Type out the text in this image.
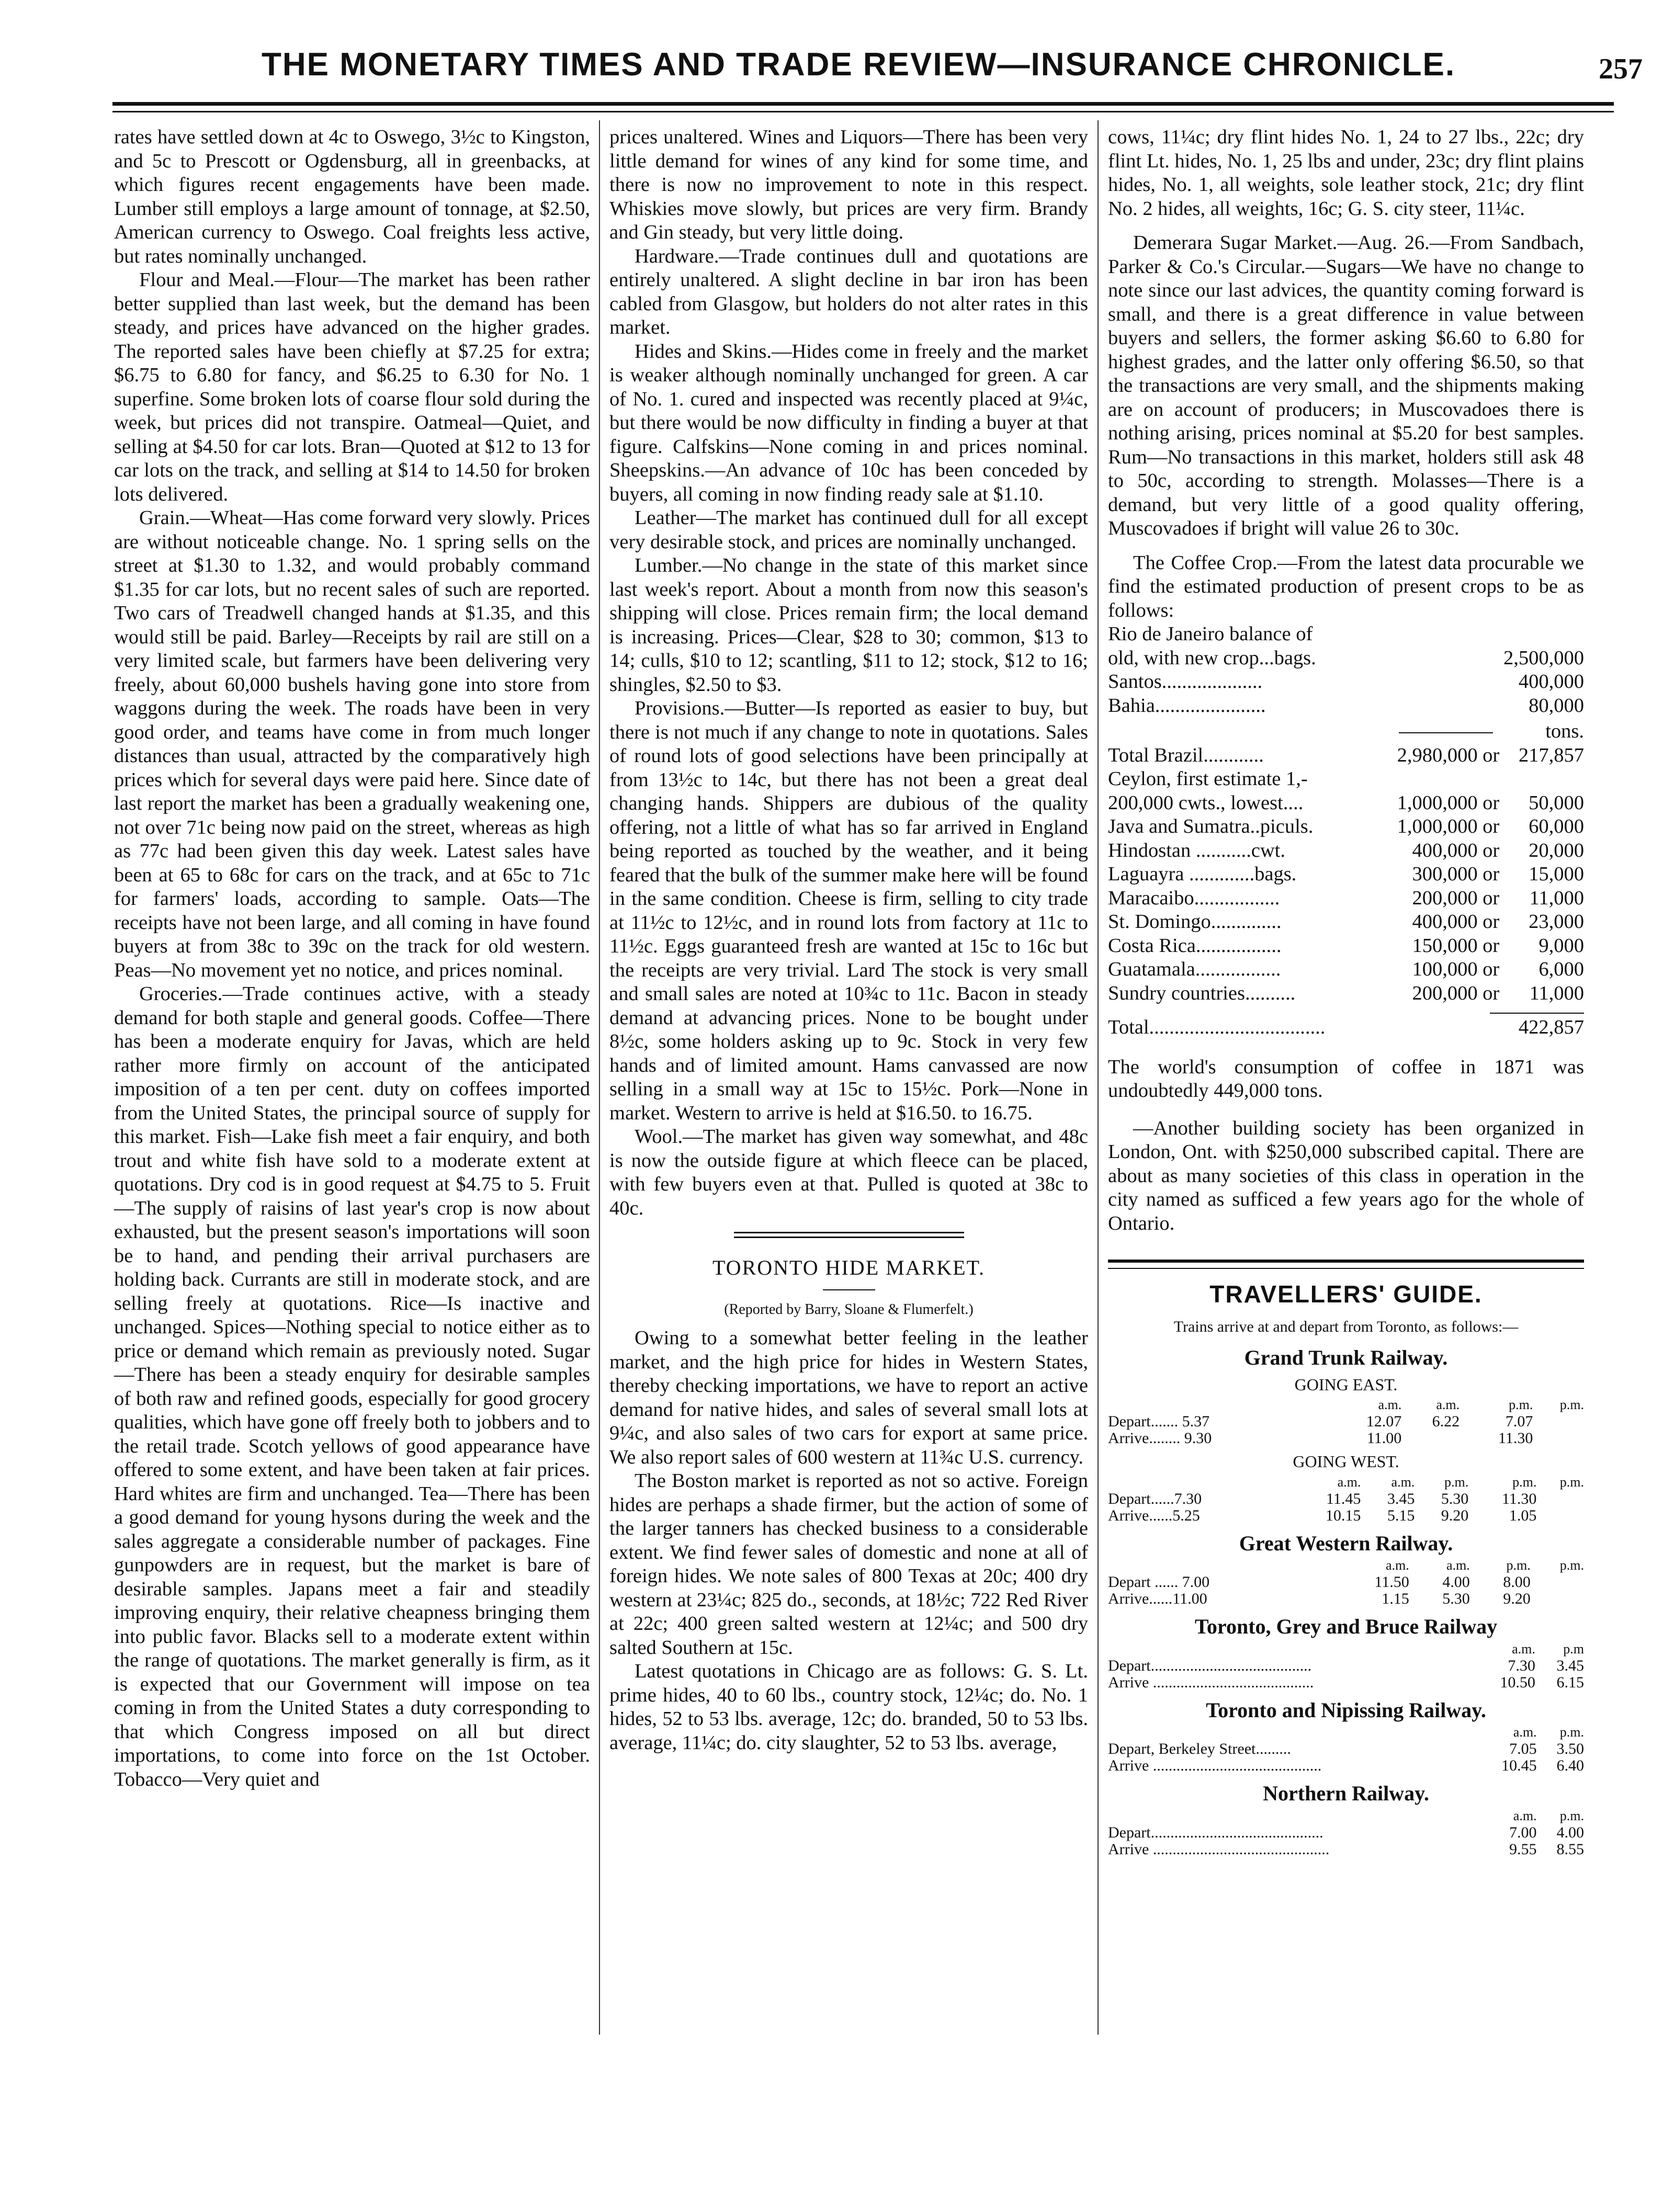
THE MONETARY TIMES AND TRADE REVIEW—INSURANCE CHRONICLE.	257

rates have settled down at 4c to Oswego, 3½c to Kingston, and 5c to Prescott or Ogdensburg, all in greenbacks, at which figures recent engagements have been made. Lumber still employs a large amount of tonnage, at $2.50, American currency to Oswego. Coal freights less active, but rates nominally unchanged.

Flour and Meal.—Flour—The market has been rather better supplied than last week, but the demand has been steady, and prices have advanced on the higher grades. The reported sales have been chiefly at $7.25 for extra; $6.75 to 6.80 for fancy, and $6.25 to 6.30 for No. 1 superfine. Some broken lots of coarse flour sold during the week, but prices did not transpire. Oatmeal—Quiet, and selling at $4.50 for car lots. Bran—Quoted at $12 to 13 for car lots on the track, and selling at $14 to 14.50 for broken lots delivered.

Grain.—Wheat—Has come forward very slowly. Prices are without noticeable change. No. 1 spring sells on the street at $1.30 to 1.32, and would probably command $1.35 for car lots, but no recent sales of such are reported. Two cars of Treadwell changed hands at $1.35, and this would still be paid. Barley—Receipts by rail are still on a very limited scale, but farmers have been delivering very freely, about 60,000 bushels having gone into store from waggons during the week. The roads have been in very good order, and teams have come in from much longer distances than usual, attracted by the comparatively high prices which for several days were paid here. Since date of last report the market has been a gradually weakening one, not over 71c being now paid on the street, whereas as high as 77c had been given this day week. Latest sales have been at 65 to 68c for cars on the track, and at 65c to 71c for farmers' loads, according to sample. Oats—The receipts have not been large, and all coming in have found buyers at from 38c to 39c on the track for old western. Peas—No movement yet no notice, and prices nominal.

Groceries.—Trade continues active, with a steady demand for both staple and general goods. Coffee—There has been a moderate enquiry for Javas, which are held rather more firmly on account of the anticipated imposition of a ten per cent. duty on coffees imported from the United States, the principal source of supply for this market. Fish—Lake fish meet a fair enquiry, and both trout and white fish have sold to a moderate extent at quotations. Dry cod is in good request at $4.75 to 5. Fruit—The supply of raisins of last year's crop is now about exhausted, but the present season's importations will soon be to hand, and pending their arrival purchasers are holding back. Currants are still in moderate stock, and are selling freely at quotations. Rice—Is inactive and unchanged. Spices—Nothing special to notice either as to price or demand which remain as previously noted. Sugar—There has been a steady enquiry for desirable samples of both raw and refined goods, especially for good grocery qualities, which have gone off freely both to jobbers and to the retail trade. Scotch yellows of good appearance have offered to some extent, and have been taken at fair prices. Hard whites are firm and unchanged. Tea—There has been a good demand for young hysons during the week and the sales aggregate a considerable number of packages. Fine gunpowders are in request, but the market is bare of desirable samples. Japans meet a fair and steadily improving enquiry, their relative cheapness bringing them into public favor. Blacks sell to a moderate extent within the range of quotations. The market generally is firm, as it is expected that our Government will impose on tea coming in from the United States a duty corresponding to that which Congress imposed on all but direct importations, to come into force on the 1st October. Tobacco—Very quiet and

prices unaltered. Wines and Liquors—There has been very little demand for wines of any kind for some time, and there is now no improvement to note in this respect. Whiskies move slowly, but prices are very firm. Brandy and Gin steady, but very little doing.

Hardware.—Trade continues dull and quotations are entirely unaltered. A slight decline in bar iron has been cabled from Glasgow, but holders do not alter rates in this market.

Hides and Skins.—Hides come in freely and the market is weaker although nominally unchanged for green. A car of No. 1. cured and inspected was recently placed at 9¼c, but there would be now difficulty in finding a buyer at that figure. Calfskins—None coming in and prices nominal. Sheepskins.—An advance of 10c has been conceded by buyers, all coming in now finding ready sale at $1.10.

Leather—The market has continued dull for all except very desirable stock, and prices are nominally unchanged.

Lumber.—No change in the state of this market since last week's report. About a month from now this season's shipping will close. Prices remain firm; the local demand is increasing. Prices—Clear, $28 to 30; common, $13 to 14; culls, $10 to 12; scantling, $11 to 12; stock, $12 to 16; shingles, $2.50 to $3.

Provisions.—Butter—Is reported as easier to buy, but there is not much if any change to note in quotations. Sales of round lots of good selections have been principally at from 13½c to 14c, but there has not been a great deal changing hands. Shippers are dubious of the quality offering, not a little of what has so far arrived in England being reported as touched by the weather, and it being feared that the bulk of the summer make here will be found in the same condition. Cheese is firm, selling to city trade at 11½c to 12½c, and in round lots from factory at 11c to 11½c. Eggs guaranteed fresh are wanted at 15c to 16c but the receipts are very trivial. Lard The stock is very small and small sales are noted at 10¾c to 11c. Bacon in steady demand at advancing prices. None to be bought under 8½c, some holders asking up to 9c. Stock in very few hands and of limited amount. Hams canvassed are now selling in a small way at 15c to 15½c. Pork—None in market. Western to arrive is held at $16.50. to 16.75.

Wool.—The market has given way somewhat, and 48c is now the outside figure at which fleece can be placed, with few buyers even at that. Pulled is quoted at 38c to 40c.

TORONTO HIDE MARKET.
(Reported by Barry, Sloane & Flumerfelt.)

Owing to a somewhat better feeling in the leather market, and the high price for hides in Western States, thereby checking importations, we have to report an active demand for native hides, and sales of several small lots at 9¼c, and also sales of two cars for export at same price. We also report sales of 600 western at 11¾c U.S. currency.

The Boston market is reported as not so active. Foreign hides are perhaps a shade firmer, but the action of some of the larger tanners has checked business to a considerable extent. We find fewer sales of domestic and none at all of foreign hides. We note sales of 800 Texas at 20c; 400 dry western at 23¼c; 825 do., seconds, at 18½c; 722 Red River at 22c; 400 green salted western at 12¼c; and 500 dry salted Southern at 15c.

Latest quotations in Chicago are as follows: G. S. Lt. prime hides, 40 to 60 lbs., country stock, 12¼c; do. No. 1 hides, 52 to 53 lbs. average, 12c; do. branded, 50 to 53 lbs. average, 11¼c; do. city slaughter, 52 to 53 lbs. average,

cows, 11¼c; dry flint hides No. 1, 24 to 27 lbs., 22c; dry flint Lt. hides, No. 1, 25 lbs and under, 23c; dry flint plains hides, No. 1, all weights, sole leather stock, 21c; dry flint No. 2 hides, all weights, 16c; G. S. city steer, 11¼c.

Demerara Sugar Market.—Aug. 26.—From Sandbach, Parker & Co.'s Circular.—Sugars—We have no change to note since our last advices, the quantity coming forward is small, and there is a great difference in value between buyers and sellers, the former asking $6.60 to 6.80 for highest grades, and the latter only offering $6.50, so that the transactions are very small, and the shipments making are on account of producers; in Muscovadoes there is nothing arising, prices nominal at $5.20 for best samples. Rum—No transactions in this market, holders still ask 48 to 50c, according to strength. Molasses—There is a demand, but very little of a good quality offering, Muscovadoes if bright will value 26 to 30c.

The Coffee Crop.—From the latest data procurable we find the estimated production of present crops to be as follows:

Rio de Janeiro balance of			
old, with new crop...bags.	2,500,000		
Santos....................	400,000		
Bahia......................	80,000		
tons.
Total Brazil............	2,980,000	or	217,857
Ceylon, first estimate 1,-			
200,000 cwts., lowest....	1,000,000	or	50,000
Java and Sumatra..piculs.	1,000,000	or	60,000
Hindostan ...........cwt.	400,000	or	20,000
Laguayra .............bags.	300,000	or	15,000
Maracaibo.................	200,000	or	11,000
St. Domingo..............	400,000	or	23,000
Costa Rica.................	150,000	or	9,000
Guatamala.................	100,000	or	6,000
Sundry countries..........	200,000	or	11,000
Total...................................	422,857

The world's consumption of coffee in 1871 was undoubtedly 449,000 tons.

—Another building society has been organized in London, Ont. with $250,000 subscribed capital. There are about as many societies of this class in operation in the city named as sufficed a few years ago for the whole of Ontario.

TRAVELLERS' GUIDE.
Trains arrive at and depart from Toronto, as follows:—
Grand Trunk Railway.
GOING EAST.
	a.m.	a.m.	p.m.	p.m.
Depart....... 5.37	12.07	6.22	7.07	
Arrive........ 9.30	11.00		11.30	
GOING WEST.
	a.m.	a.m.	p.m.	p.m.	p.m.
Depart......7.30	11.45	3.45	5.30	11.30	
Arrive......5.25	10.15	5.15	9.20	1.05	
Great Western Railway.
	a.m.	a.m.	p.m.	p.m.
Depart ...... 7.00	11.50	4.00	8.00	
Arrive......11.00	1.15	5.30	9.20	
Toronto, Grey and Bruce Railway
	a.m.	p.m
Depart.........................................	7.30	3.45
Arrive .........................................	10.50	6.15
Toronto and Nipissing Railway.
	a.m.	p.m.
Depart, Berkeley Street.........	7.05	3.50
Arrive ...........................................	10.45	6.40
Northern Railway.
	a.m.	p.m.
Depart............................................	7.00	4.00
Arrive .............................................	9.55	8.55
